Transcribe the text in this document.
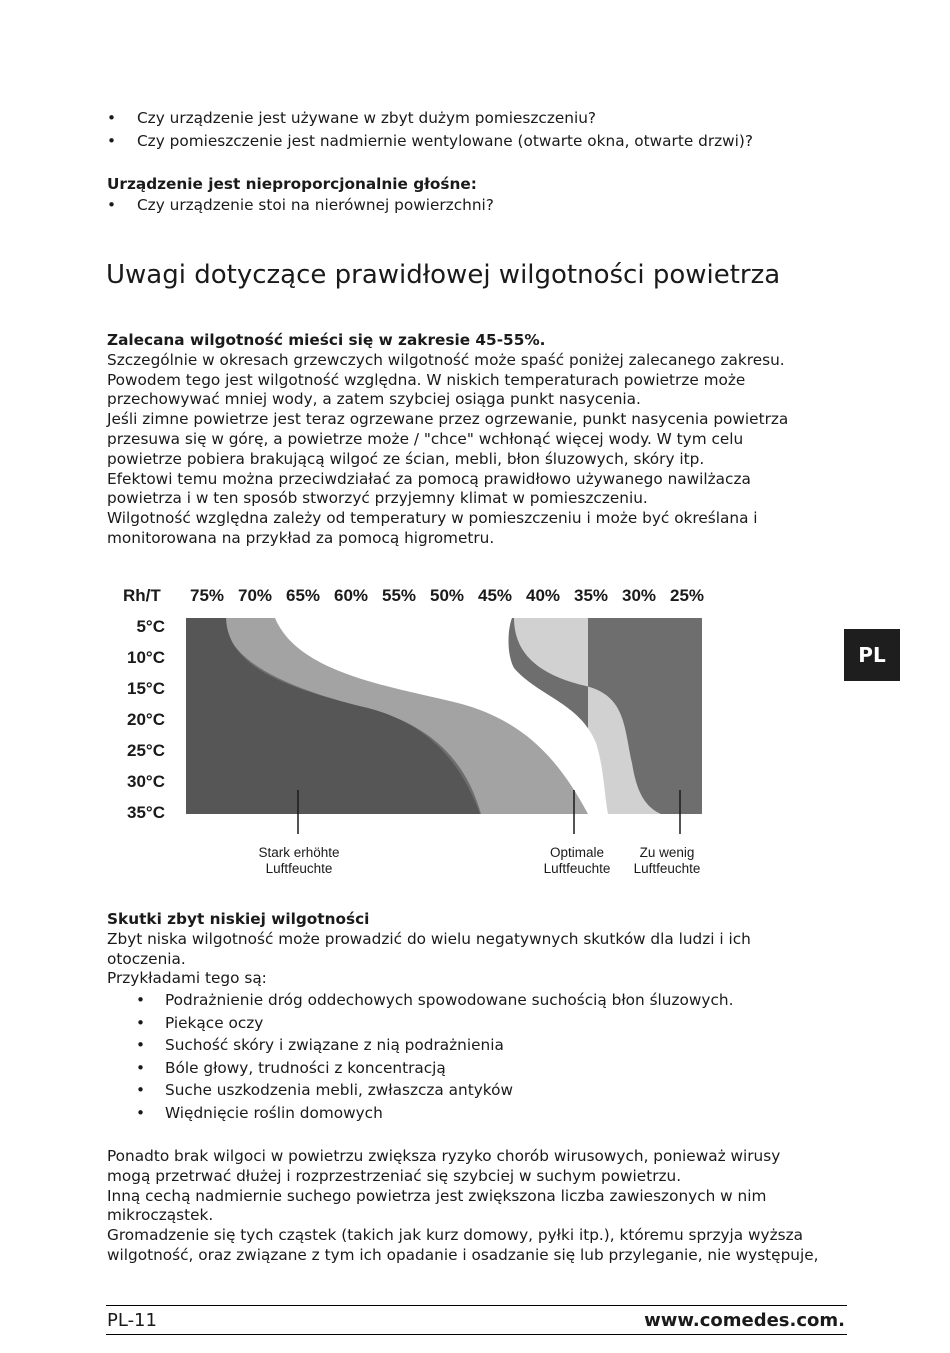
• Czy urządzenie jest używane w zbyt dużym pomieszczeniu?
• Czy pomieszczenie jest nadmiernie wentylowane (otwarte okna, otwarte drzwi)?
Urządzenie jest nieproporcjonalnie głośne:
• Czy urządzenie stoi na nierównej powierzchni?
Uwagi dotyczące prawidłowej wilgotności powietrza
Zalecana wilgotność mieści się w zakresie 45-55%.
Szczególnie w okresach grzewczych wilgotność może spaść poniżej zalecanego zakresu.
Powodem tego jest wilgotność względna. W niskich temperaturach powietrze może
przechowywać mniej wody, a zatem szybciej osiąga punkt nasycenia.
Jeśli zimne powietrze jest teraz ogrzewane przez ogrzewanie, punkt nasycenia powietrza
przesuwa się w górę, a powietrze może / "chce" wchłonąć więcej wody. W tym celu
powietrze pobiera brakującą wilgoć ze ścian, mebli, błon śluzowych, skóry itp.
Efektowi temu można przeciwdziałać za pomocą prawidłowo używanego nawilżacza
powietrza i w ten sposób stworzyć przyjemny klimat w pomieszczeniu.
Wilgotność względna zależy od temperatury w pomieszczeniu i może być określana i
monitorowana na przykład za pomocą higrometru.
Rh/T 75% 70% 65% 60% 55% 50% 45% 40% 35% 30% 25%
5°C
10°C
15°C
20°C
25°C
30°C
35°C
Stark erhöhte
Luftfeuchte
Optimale
Luftfeuchte
Zu wenig
Luftfeuchte
Skutki zbyt niskiej wilgotności
Zbyt niska wilgotność może prowadzić do wielu negatywnych skutków dla ludzi i ich
otoczenia.
Przykładami tego są:
• Podrażnienie dróg oddechowych spowodowane suchością błon śluzowych.
• Piekące oczy
• Suchość skóry i związane z nią podrażnienia
• Bóle głowy, trudności z koncentracją
• Suche uszkodzenia mebli, zwłaszcza antyków
• Więdnięcie roślin domowych
Ponadto brak wilgoci w powietrzu zwiększa ryzyko chorób wirusowych, ponieważ wirusy
mogą przetrwać dłużej i rozprzestrzeniać się szybciej w suchym powietrzu.
Inną cechą nadmiernie suchego powietrza jest zwiększona liczba zawieszonych w nim
mikrocząstek.
Gromadzenie się tych cząstek (takich jak kurz domowy, pyłki itp.), któremu sprzyja wyższa
wilgotność, oraz związane z tym ich opadanie i osadzanie się lub przyleganie, nie występuje,
PL
PL-11	www.comedes.com.
